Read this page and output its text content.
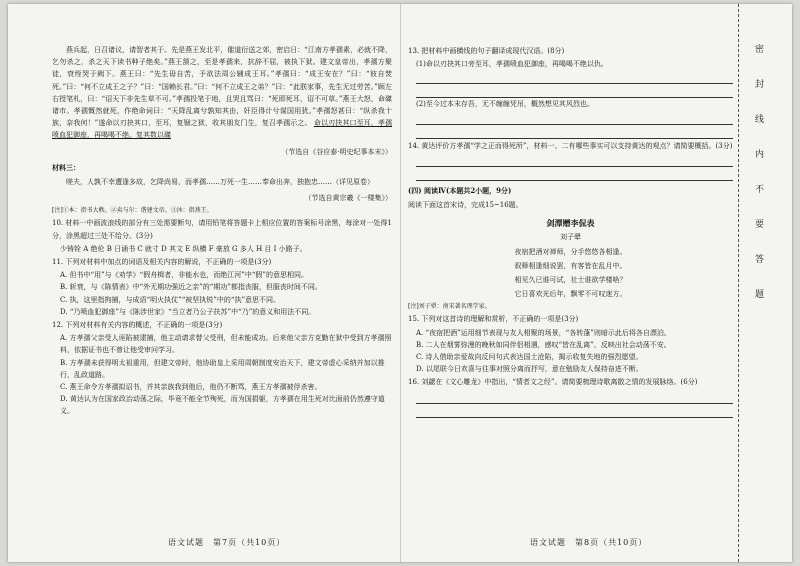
燕兵起，日召诸议，请智者其于。先是燕王发北平，催道衍送之郊，密启日：“江南方孝孺素，必就不降，乞勿杀之，杀之天下读书种子绝矣。”燕王颔之，至是孝孺来，抗辞不屈，被执下狱。建文皇帝出，孝孺方聚徒，衰绖哭于阙下。燕王曰：“先生毋自苦，予欲法周公辅成王耳。”孝孺曰：“成王安在？”曰：“彼自焚死。”曰：“何不立成王之子？”曰：“国赖长君。”曰：“何不立成王之弟？”曰：“此朕家事，先生无过劳苦。”顾左右授笔札，曰：“诏天下非先生草不可。”孝孺投笔于地，且哭且骂曰：“死即死耳，诏不可草。”燕王大怒，命磔诸市。孝孺慨然就死，作绝命词曰：“天降乱离兮孰知其由，奸臣得计兮谋国用犹。”孝孺怒甚曰：“纵杀我十族，奈我何！”遂命以刃抉其口，至耳，复锢之狱，收其朋友门生，复召孝孺示之。 命以刃抉其口至耳，孝孺喷血犯御座，再喝喝不绝。复其数以磔

（节选自《谷应泰·明史纪事本末》）
材料三：

嗟夫，人孰不幸遭逢多故，乞降尚易，而孝孺……万死一生……奉命出奔，独抱忠……（详见原卷）

（节选自黄宗羲《一楼集》）

[注]①本：指书大帙。②卖与尔：谐建文帝。③沐：指燕王。

10. 材料一中画波浪线的部分有三处需要断句，请用铅笔将答题卡上相应位置的答案标号涂黑，每涂对一处得1分，涂黑超过三处不给分。(3分)
少铸铨 A 绝伦 B 日诵书 C 就寸 D 其文 E 纵横 F 豪放 G 多人 H 目 I 小路子。
11. 下列对材料中加点的词语及相关内容的解说，不正确的一项是(3分)
A. 但书中“用”与《劝学》“假舟楫者，非能水也，而绝江河”中“假”的意思相同。
B. 斩衰，与《陈情表》中“外无期功强近之亲”的“期功”都指丧服，但服丧时间不同。
C. 执，这里指拘捕，与成语“明火执仗”“被坚执锐”中的“执”意思不同。
D. “乃喷血犯御座”与《陈涉世家》“当立者乃公子扶苏”中“乃”的意义和用法不同。
12. 下列对材料有关内容的概述，不正确的一项是(3分)
A. 方孝孺父亲受人诬陷被逮捕，他主动请求替父受刑，但未能成功。后来他父亲方克勤在狱中受到方孝孺照料，依据证书也不曾让他受审问学习。
B. 方孝孺未获得明太祖重用，但建文帝时，他协助皇上采用周朝制度安治天下，建文帝虚心采纳并加以推行，乱政道路。
C. 燕王命令方孝孺拟诏书，并其亲族我到他后，他仍不断骂，燕王方孝孺被俘杀害。
D. 黄达认为在国家政治动荡之际，毕竟不能全节殉死，而为国捐躯，方孝孺在用生死对比面前仍然遵守道义。
语文试题　第7页（共10页）
13. 把材料中画横线的句子翻译成现代汉语。(8分)
(1)命以刃抉其口旁至耳，孝孺喷血犯御座，再喝喝不绝以仇。
(2)至今过本末存吾，无不缠缠凭吊，概然想见其风烈也。
14. 黄达评价方孝孺“学之正而得死所”，材料一、二有哪些事实可以支持黄达的观点？请简要概括。(3分)
(四) 阅读Ⅳ(本题共2小题，9分)
阅读下面这首宋诗，完成15~16题。
剑潭赠李侃表
刘子翚
夜宿把酒对禅师，分手悠悠各相逢。
叙释相逢细说罢，有客皆在乱月中。
相见久已谁可试，社士谁欲学楼啥？
它日喜欢光后年，飘零不可叹迷方。

[注]刘子翚：南宋著名理学家。

15. 下列对这首诗的理解和赏析，不正确的一项是(3分)
A. “夜宿把酒”运用细节表现与友人相聚的场景，“各转蓬”则暗示此后将各自漂泊。
B. 二人在烟雾弥漫的晚秋如同伴侣相遇，感叹“皆在乱离”，反映出社会动荡不安。
C. 诗人借助亲爱故向反问句式表达国土沧陷，揭示收复失地的强烈愿望。
D. 以尾联今日欢喜与往事对照分离而抒写，意在勉励友人保持奋进不断。
16. 刘勰在《文心雕龙》中指出，“情者文之经”。请简要梳理诗歌离散之情的发展脉络。(6分)
语文试题　第8页（共10页）
密封线内不要答题
